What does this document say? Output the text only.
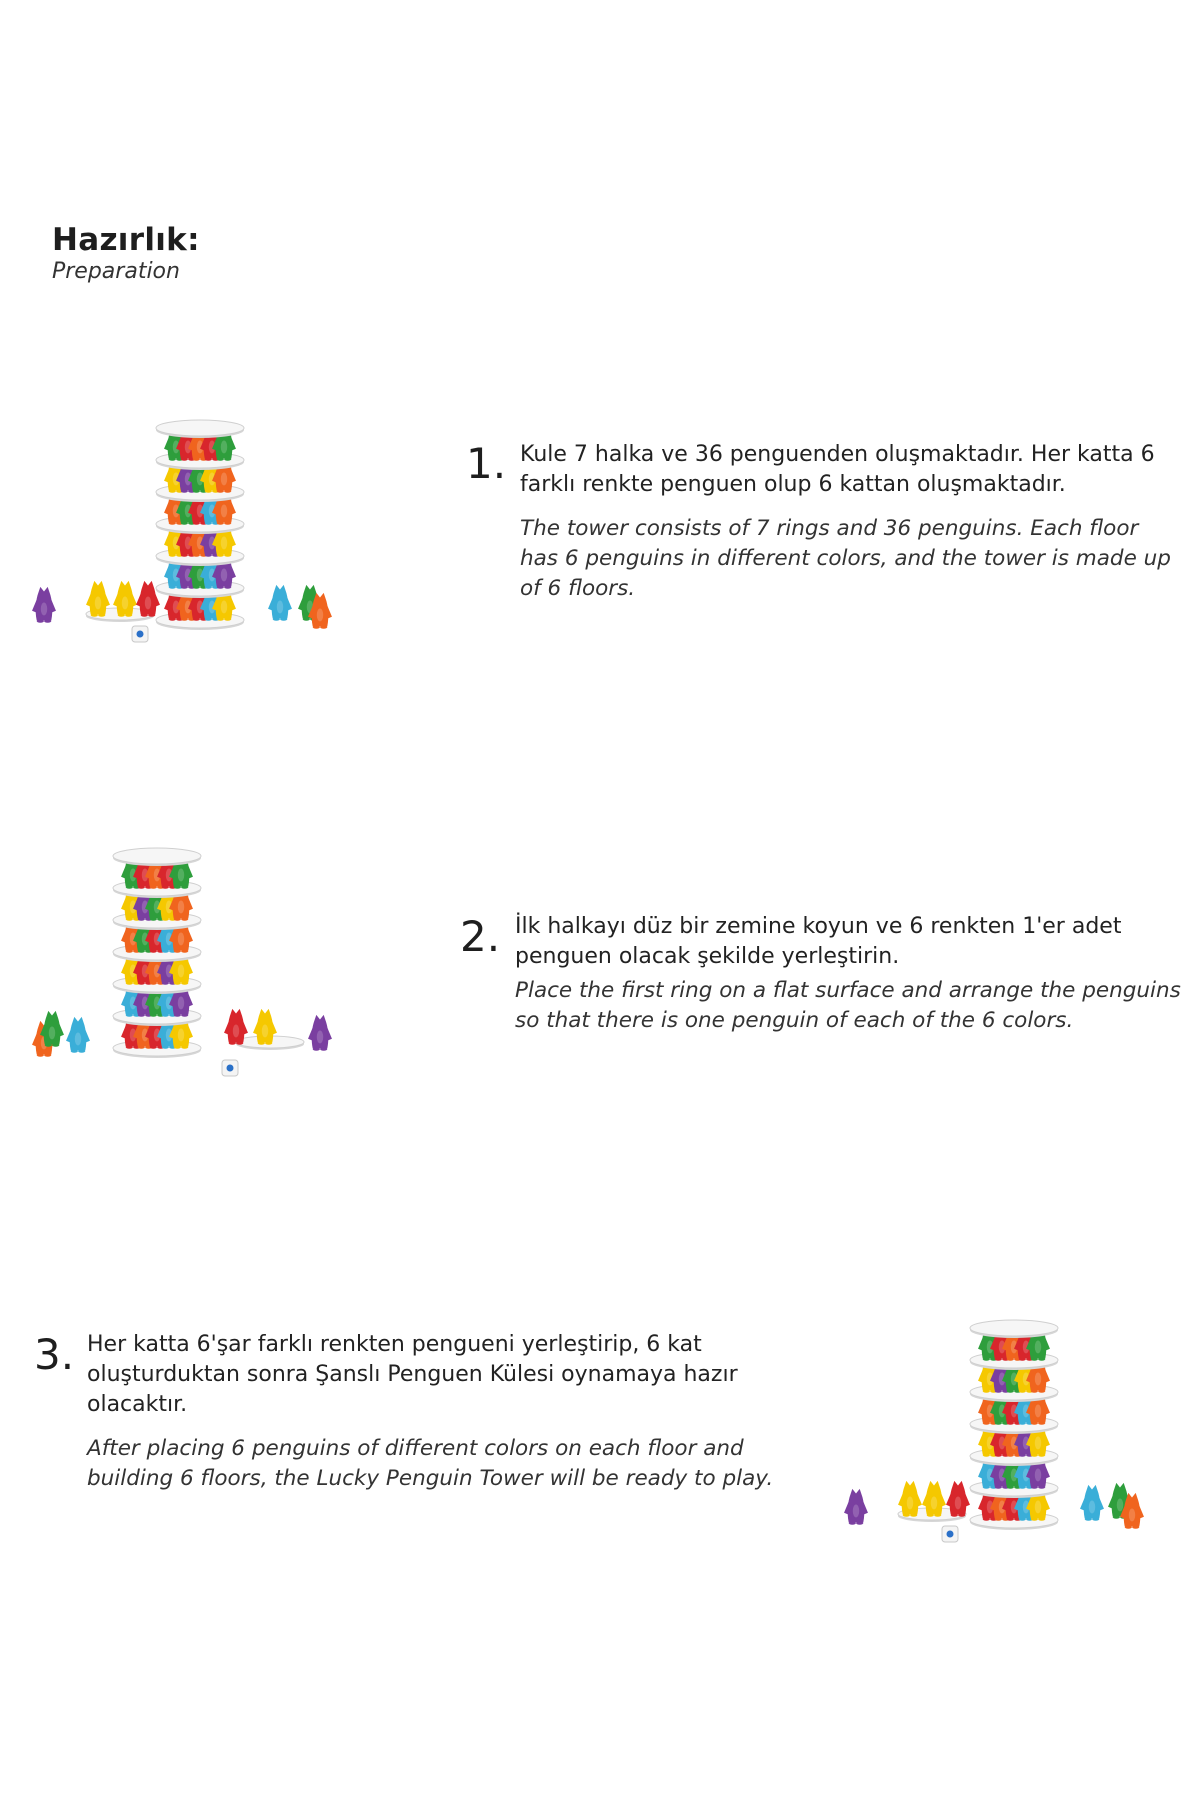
Hazırlık:
Preparation
1. Kule 7 halka ve 36 penguenden oluşmaktadır. Her katta 6 farklı renkte penguen olup 6 kattan oluşmaktadır.
The tower consists of 7 rings and 36 penguins. Each floor has 6 penguins in different colors, and the tower is made up of 6 floors.
2. İlk halkayı düz bir zemine koyun ve 6 renkten 1'er adet penguen olacak şekilde yerleştirin.
Place the first ring on a flat surface and arrange the penguins so that there is one penguin of each of the 6 colors.
3. Her katta 6'şar farklı renkten pengueni yerleştirip, 6 kat oluşturduktan sonra Şanslı Penguen Külesi oynamaya hazır olacaktır.
After placing 6 penguins of different colors on each floor and building 6 floors, the Lucky Penguin Tower will be ready to play.
